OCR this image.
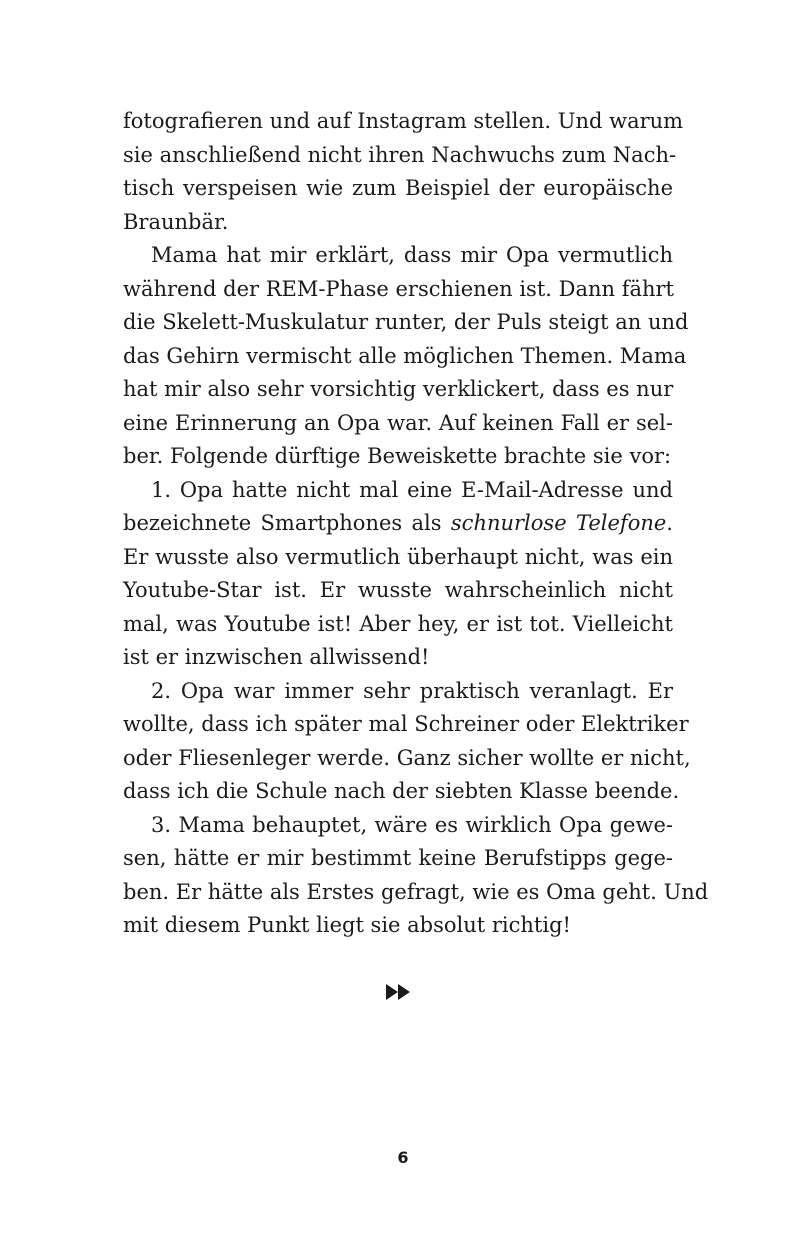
fotografieren und auf Instagram stellen. Und warum
sie anschließend nicht ihren Nachwuchs zum Nach-
tisch verspeisen wie zum Beispiel der europäische
Braunbär.
Mama hat mir erklärt, dass mir Opa vermutlich
während der REM-Phase erschienen ist. Dann fährt
die Skelett-Muskulatur runter, der Puls steigt an und
das Gehirn vermischt alle möglichen Themen. Mama
hat mir also sehr vorsichtig verklickert, dass es nur
eine Erinnerung an Opa war. Auf keinen Fall er sel-
ber. Folgende dürftige Beweiskette brachte sie vor:
1. Opa hatte nicht mal eine E-Mail-Adresse und
bezeichnete Smartphones als schnurlose Telefone.
Er wusste also vermutlich überhaupt nicht, was ein
Youtube-Star ist. Er wusste wahrscheinlich nicht
mal, was Youtube ist! Aber hey, er ist tot. Vielleicht
ist er inzwischen allwissend!
2. Opa war immer sehr praktisch veranlagt. Er
wollte, dass ich später mal Schreiner oder Elektriker
oder Fliesenleger werde. Ganz sicher wollte er nicht,
dass ich die Schule nach der siebten Klasse beende.
3. Mama behauptet, wäre es wirklich Opa gewe-
sen, hätte er mir bestimmt keine Berufstipps gege-
ben. Er hätte als Erstes gefragt, wie es Oma geht. Und
mit diesem Punkt liegt sie absolut richtig!
6
